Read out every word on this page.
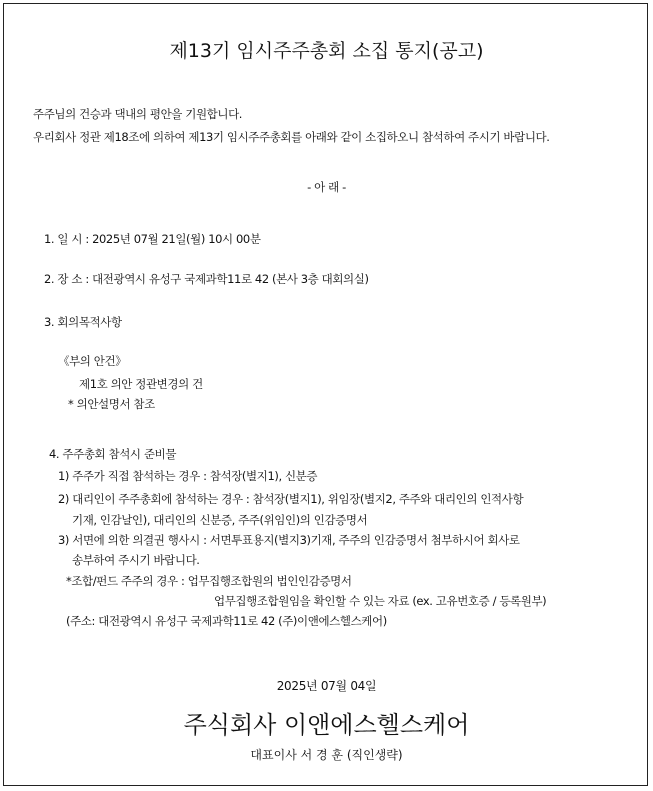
제13기 임시주주총회 소집 통지(공고)
주주님의 건승과 댁내의 평안을 기원합니다.
우리회사 정관 제18조에 의하여 제13기 임시주주총회를 아래와 같이 소집하오니 참석하여 주시기 바랍니다.
- 아 래 -
1. 일 시 : 2025년 07월 21일(월) 10시 00분
2. 장 소 : 대전광역시 유성구 국제과학11로 42 (본사 3층 대회의실)
3. 회의목적사항
《부의 안건》
제1호 의안 정관변경의 건
* 의안설명서 참조
4. 주주총회 참석시 준비물
1) 주주가 직접 참석하는 경우 : 참석장(별지1), 신분증
2) 대리인이 주주총회에 참석하는 경우 : 참석장(별지1), 위임장(별지2, 주주와 대리인의 인적사항
기재, 인감날인), 대리인의 신분증, 주주(위임인)의 인감증명서
3) 서면에 의한 의결권 행사시 : 서면투표용지(별지3)기재, 주주의 인감증명서 첨부하시어 회사로
송부하여 주시기 바랍니다.
*조합/펀드 주주의 경우 : 업무집행조합원의 법인인감증명서
업무집행조합원임을 확인할 수 있는 자료 (ex. 고유번호증 / 등록원부)
(주소: 대전광역시 유성구 국제과학11로 42 (주)이앤에스헬스케어)
2025년 07월 04일
주식회사 이앤에스헬스케어
대표이사 서 경 훈 (직인생략)
